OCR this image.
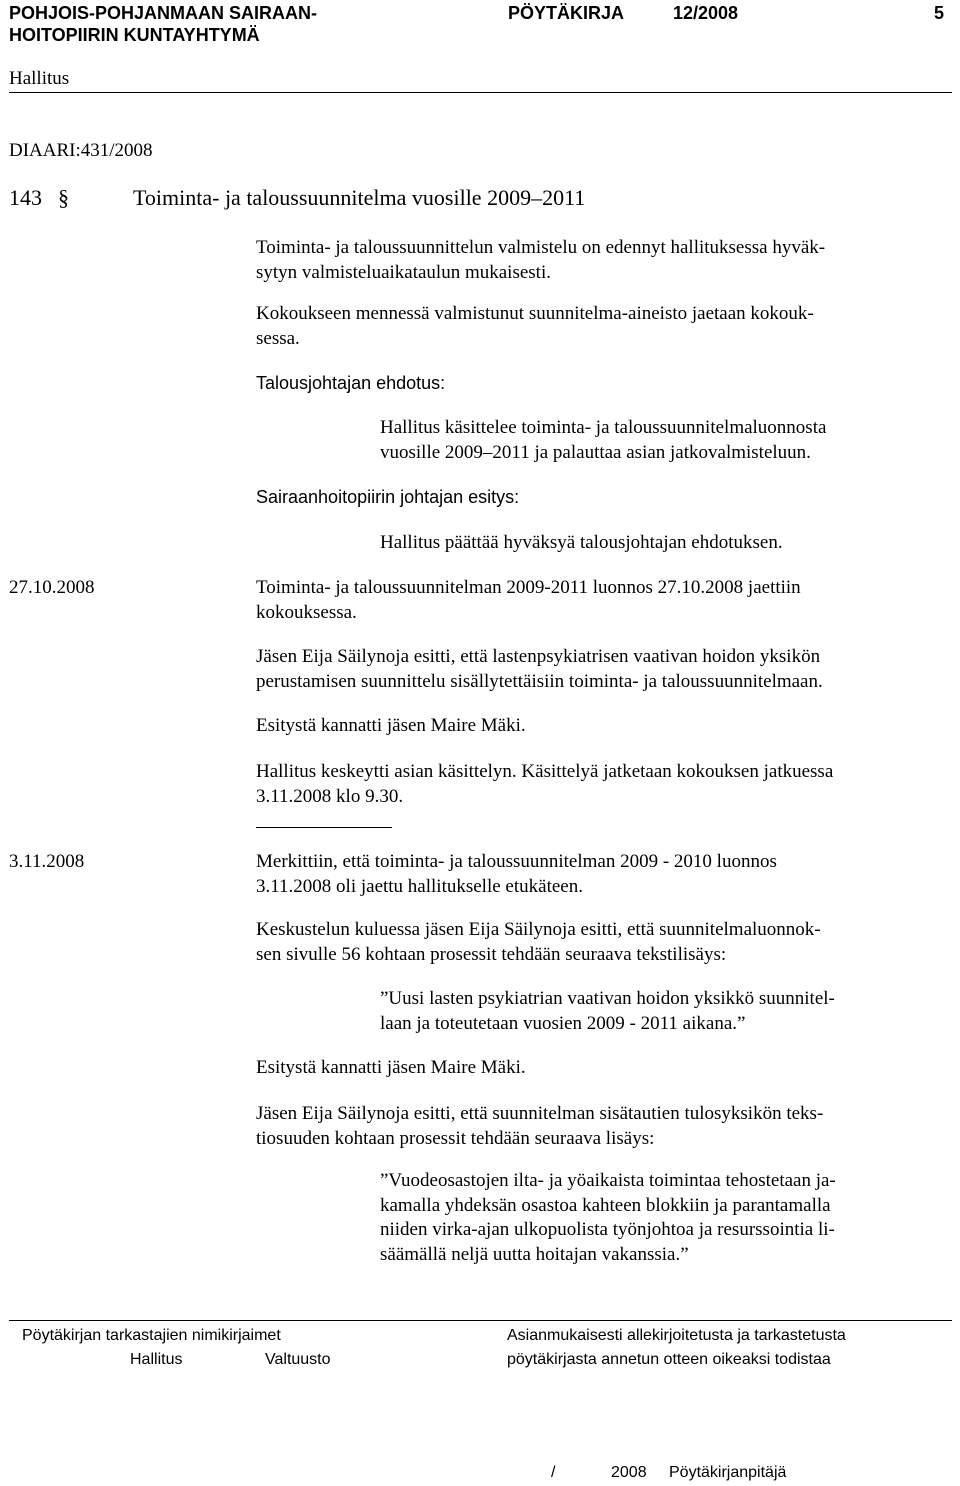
POHJOIS-POHJANMAAN SAIRAAN-
HOITOPIIRIN KUNTAYHTYMÄ
PÖYTÄKIRJA	12/2008	5
Hallitus
DIAARI:431/2008
143 §	Toiminta- ja taloussuunnitelma vuosille 2009–2011
Toiminta- ja taloussuunnittelun valmistelu on edennyt hallituksessa hyväk-
sytyn valmisteluaikataulun mukaisesti.
Kokoukseen mennessä valmistunut suunnitelma-aineisto jaetaan kokouk-
sessa.
Talousjohtajan ehdotus:
Hallitus käsittelee toiminta- ja taloussuunnitelmaluonnosta
vuosille 2009–2011 ja palauttaa asian jatkovalmisteluun.
Sairaanhoitopiirin johtajan esitys:
Hallitus päättää hyväksyä talousjohtajan ehdotuksen.
27.10.2008	Toiminta- ja taloussuunnitelman 2009-2011 luonnos 27.10.2008 jaettiin
kokouksessa.
Jäsen Eija Säilynoja esitti, että lastenpsykiatrisen vaativan hoidon yksikön
perustamisen suunnittelu sisällytettäisiin toiminta- ja taloussuunnitelmaan.
Esitystä kannatti jäsen Maire Mäki.
Hallitus keskeytti asian käsittelyn. Käsittelyä jatketaan kokouksen jatkuessa
3.11.2008 klo 9.30.
3.11.2008	Merkittiin, että toiminta- ja taloussuunnitelman 2009 - 2010 luonnos
3.11.2008 oli jaettu hallitukselle etukäteen.
Keskustelun kuluessa jäsen Eija Säilynoja esitti, että suunnitelmaluonnok-
sen sivulle 56 kohtaan prosessit tehdään seuraava tekstilisäys:
”Uusi lasten psykiatrian vaativan hoidon yksikkö suunnitel-
laan ja toteutetaan vuosien 2009 - 2011 aikana.”
Esitystä kannatti jäsen Maire Mäki.
Jäsen Eija Säilynoja esitti, että suunnitelman sisätautien tulosyksikön teks-
tiosuuden kohtaan prosessit tehdään seuraava lisäys:
”Vuodeosastojen ilta- ja yöaikaista toimintaa tehostetaan ja-
kamalla yhdeksän osastoa kahteen blokkiin ja parantamalla
niiden virka-ajan ulkopuolista työnjohtoa ja resurssointia li-
säämällä neljä uutta hoitajan vakanssia.”
Pöytäkirjan tarkastajien nimikirjaimet
Hallitus	Valtuusto
Asianmukaisesti allekirjoitetusta ja tarkastetusta
pöytäkirjasta annetun otteen oikeaksi todistaa
/	2008 Pöytäkirjanpitäjä
